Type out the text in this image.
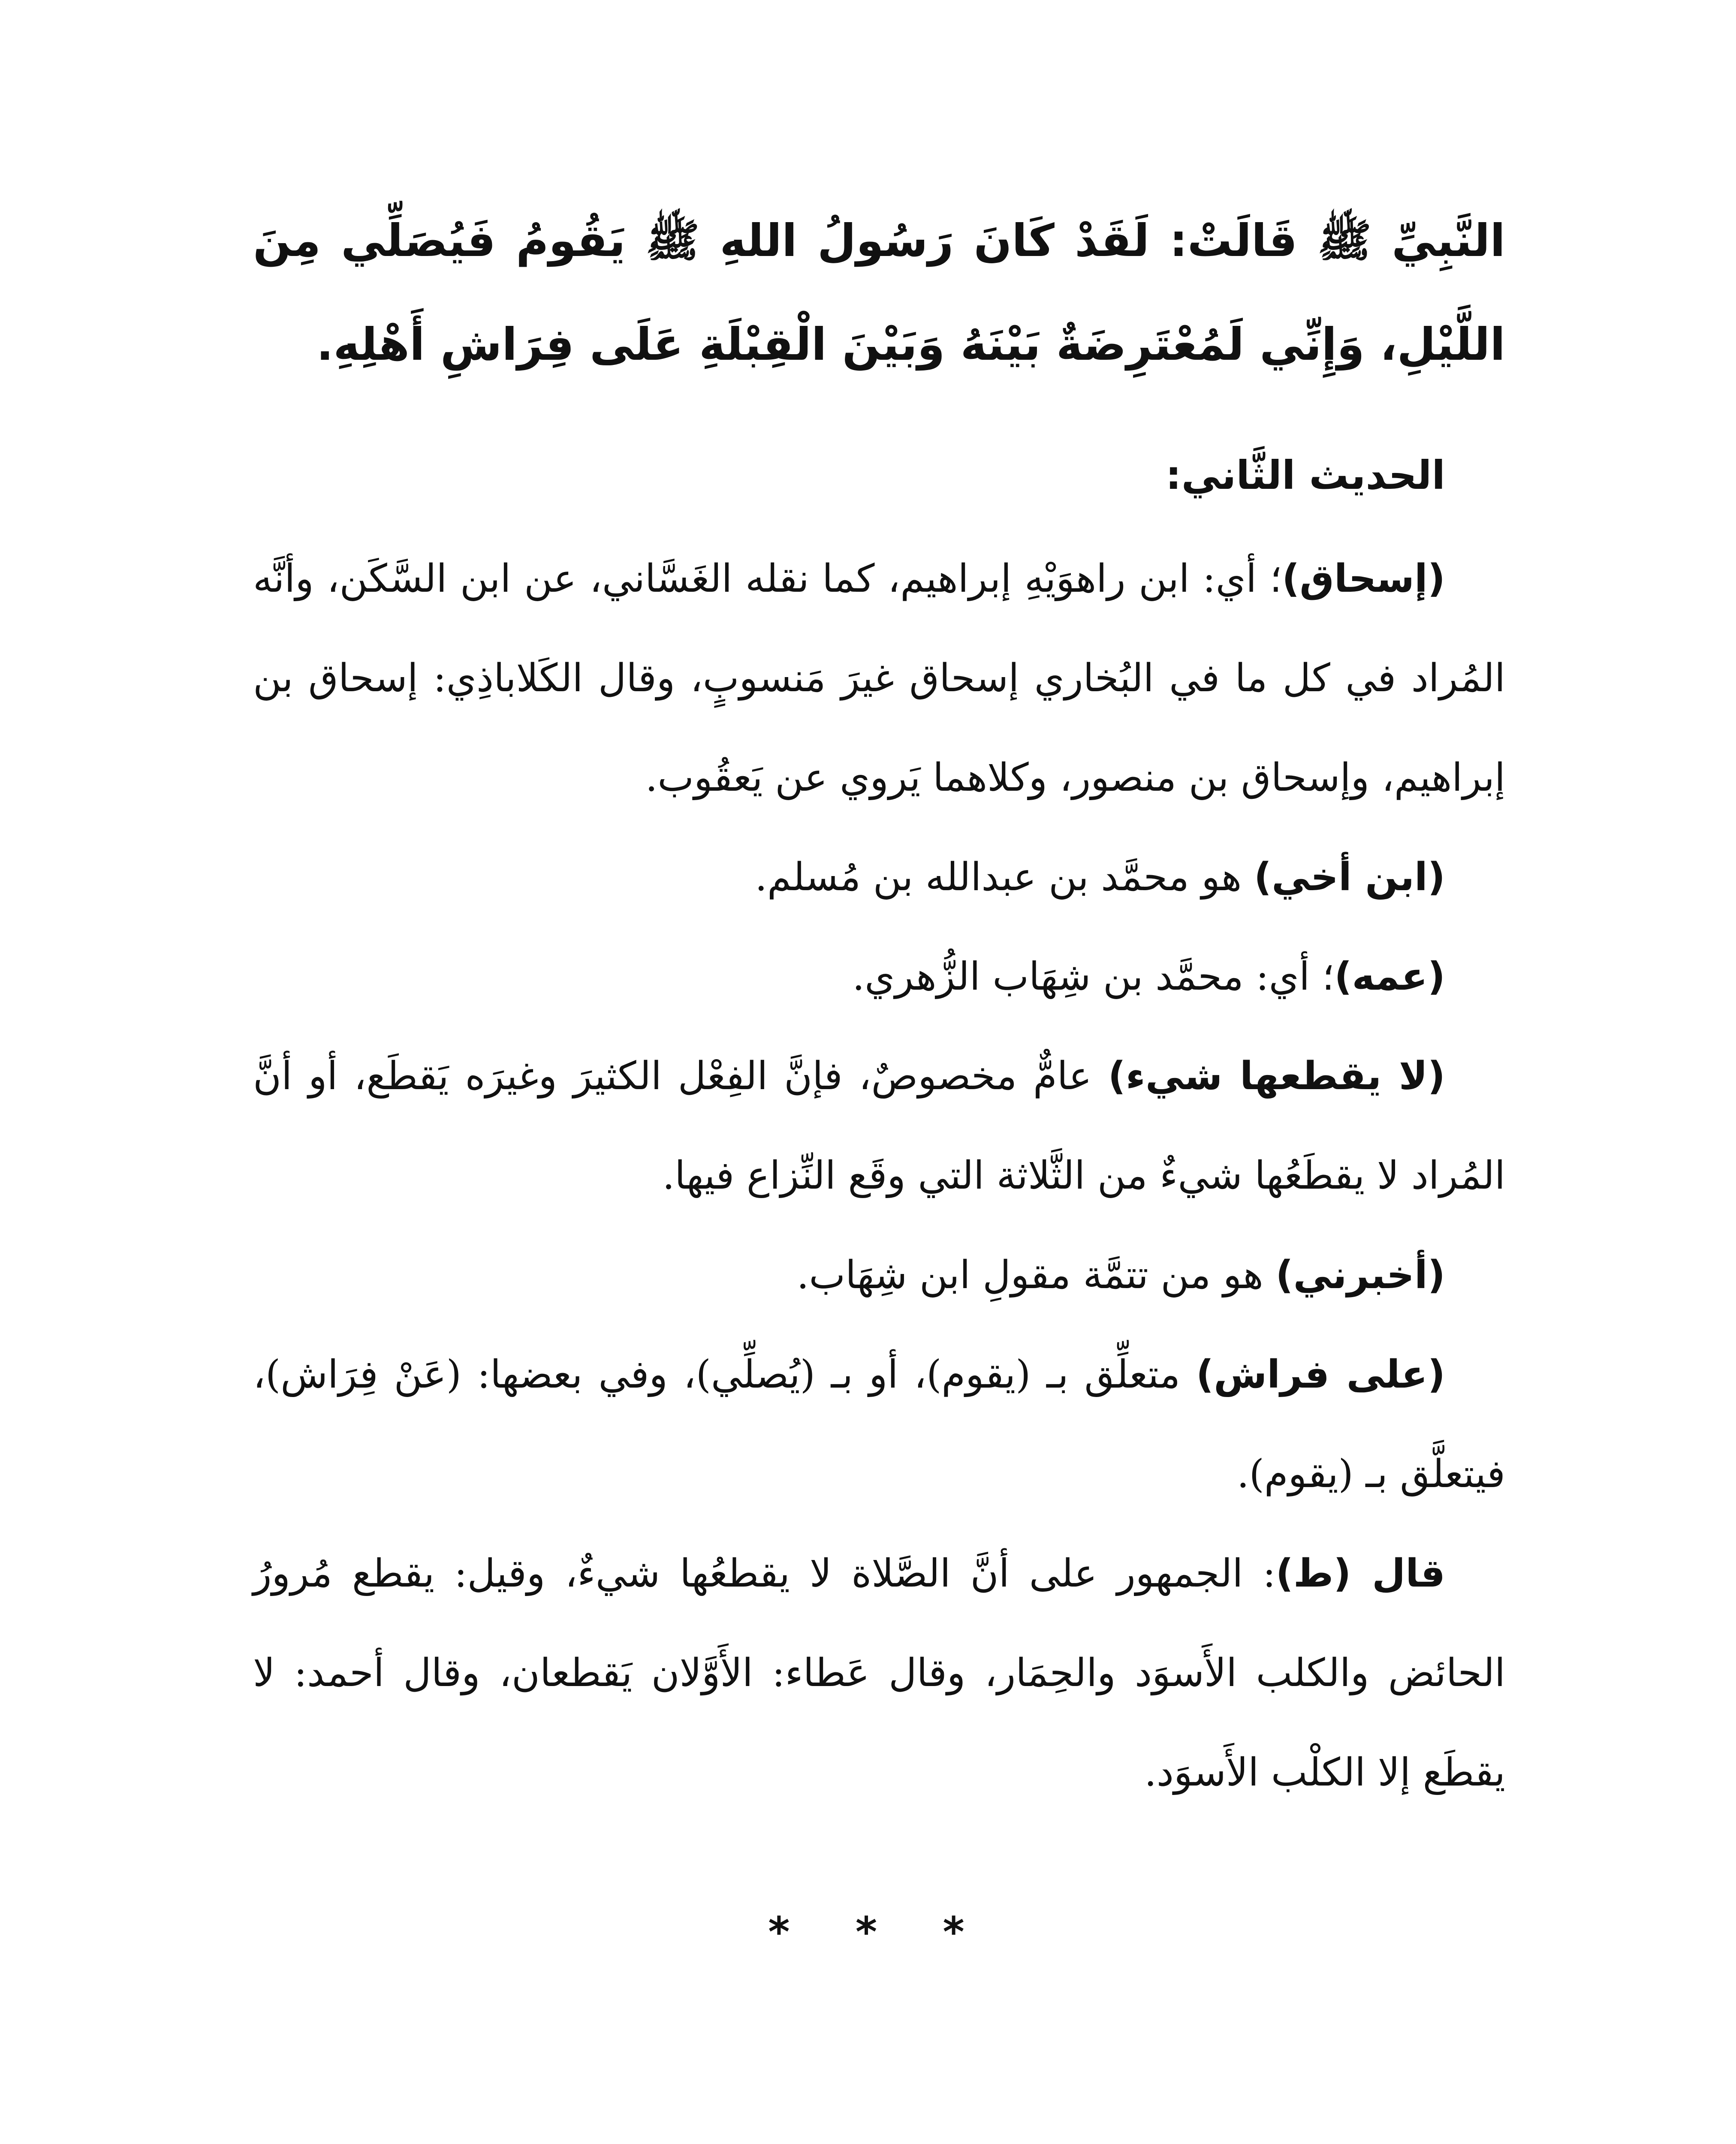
النَّبِيِّ ﷺ قَالَتْ: لَقَدْ كَانَ رَسُولُ اللهِ ﷺ يَقُومُ فَيُصَلِّي مِنَ اللَّيْلِ، وَإِنِّي لَمُعْتَرِضَةٌ بَيْنَهُ وَبَيْنَ الْقِبْلَةِ عَلَى فِرَاشِ أَهْلِهِ.

الحديث الثَّاني:

(إسحاق)؛ أي: ابن راهوَيْهِ إبراهيم، كما نقله الغَسَّاني، عن ابن السَّكَن، وأنَّه المُراد في كل ما في البُخاري إسحاق غيرَ مَنسوبٍ، وقال الكَلاباذِي: إسحاق بن إبراهيم، وإسحاق بن منصور، وكلاهما يَروي عن يَعقُوب.

(ابن أخي) هو محمَّد بن عبدالله بن مُسلم.

(عمه)؛ أي: محمَّد بن شِهَاب الزُّهري.

(لا يقطعها شيء) عامٌّ مخصوصٌ، فإنَّ الفِعْل الكثيرَ وغيرَه يَقطَع، أو أنَّ المُراد لا يقطَعُها شيءٌ من الثَّلاثة التي وقَع النِّزاع فيها.

(أخبرني) هو من تتمَّة مقولِ ابن شِهَاب.

(على فراش) متعلِّق بـ (يقوم)، أو بـ (يُصلِّي)، وفي بعضها: (عَنْ فِرَاش)، فيتعلَّق بـ (يقوم).

قال (ط): الجمهور على أنَّ الصَّلاة لا يقطعُها شيءٌ، وقيل: يقطع مُرورُ الحائض والكلب الأَسوَد والحِمَار، وقال عَطاء: الأَوَّلان يَقطعان، وقال أحمد: لا يقطَع إلا الكلْب الأَسوَد.

* * *
